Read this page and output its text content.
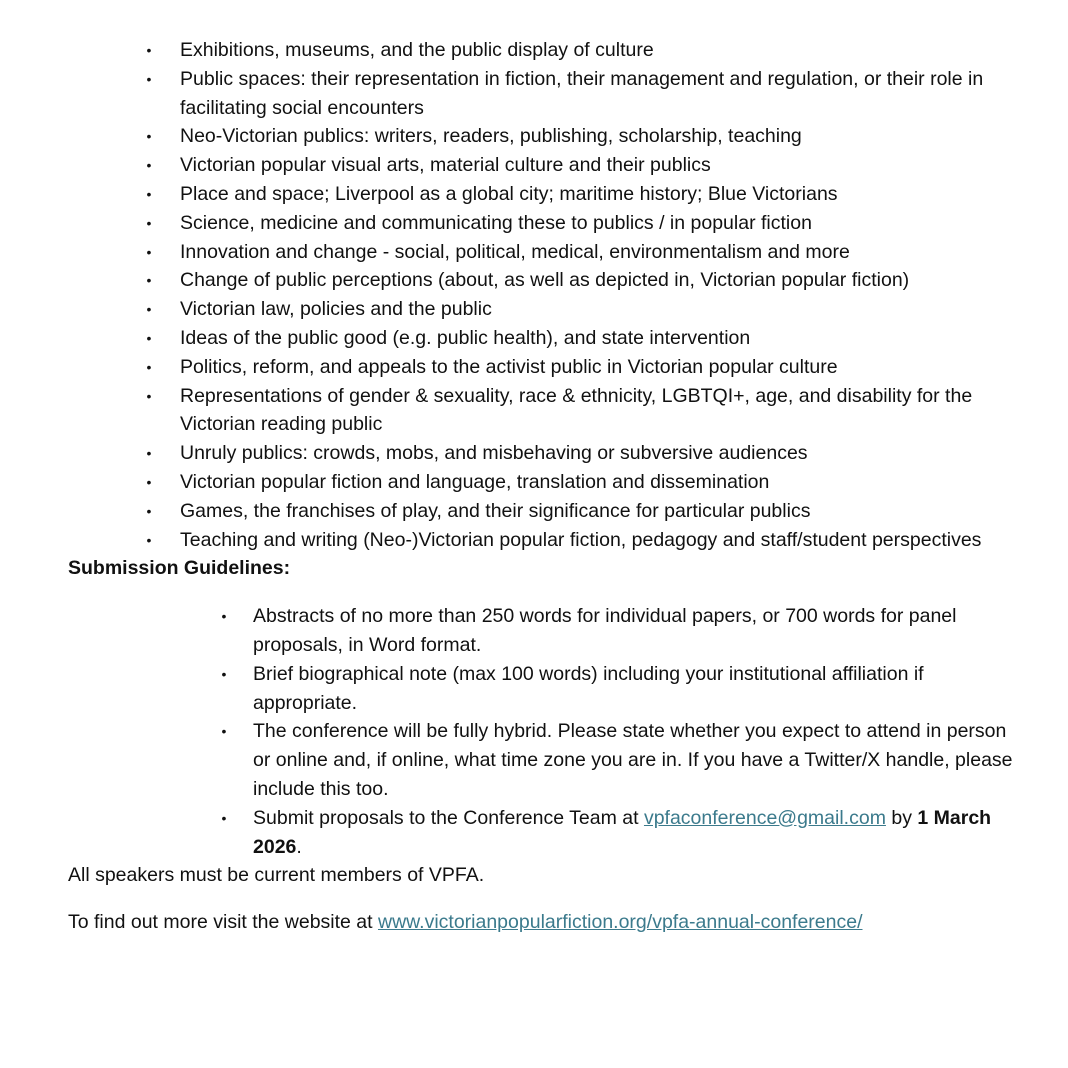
• Exhibitions, museums, and the public display of culture
• Public spaces: their representation in fiction, their management and regulation, or their role in facilitating social encounters
• Neo-Victorian publics: writers, readers, publishing, scholarship, teaching
• Victorian popular visual arts, material culture and their publics
• Place and space; Liverpool as a global city; maritime history; Blue Victorians
• Science, medicine and communicating these to publics / in popular fiction
• Innovation and change - social, political, medical, environmentalism and more
• Change of public perceptions (about, as well as depicted in, Victorian popular fiction)
• Victorian law, policies and the public
• Ideas of the public good (e.g. public health), and state intervention
• Politics, reform, and appeals to the activist public in Victorian popular culture
• Representations of gender & sexuality, race & ethnicity, LGBTQI+, age, and disability for the Victorian reading public
• Unruly publics: crowds, mobs, and misbehaving or subversive audiences
• Victorian popular fiction and language, translation and dissemination
• Games, the franchises of play, and their significance for particular publics
• Teaching and writing (Neo-)Victorian popular fiction, pedagogy and staff/student perspectives
Submission Guidelines:
• Abstracts of no more than 250 words for individual papers, or 700 words for panel proposals, in Word format.
• Brief biographical note (max 100 words) including your institutional affiliation if appropriate.
• The conference will be fully hybrid. Please state whether you expect to attend in person or online and, if online, what time zone you are in. If you have a Twitter/X handle, please include this too.
• Submit proposals to the Conference Team at vpfaconference@gmail.com by 1 March 2026.
All speakers must be current members of VPFA.
To find out more visit the website at www.victorianpopularfiction.org/vpfa-annual-conference/
